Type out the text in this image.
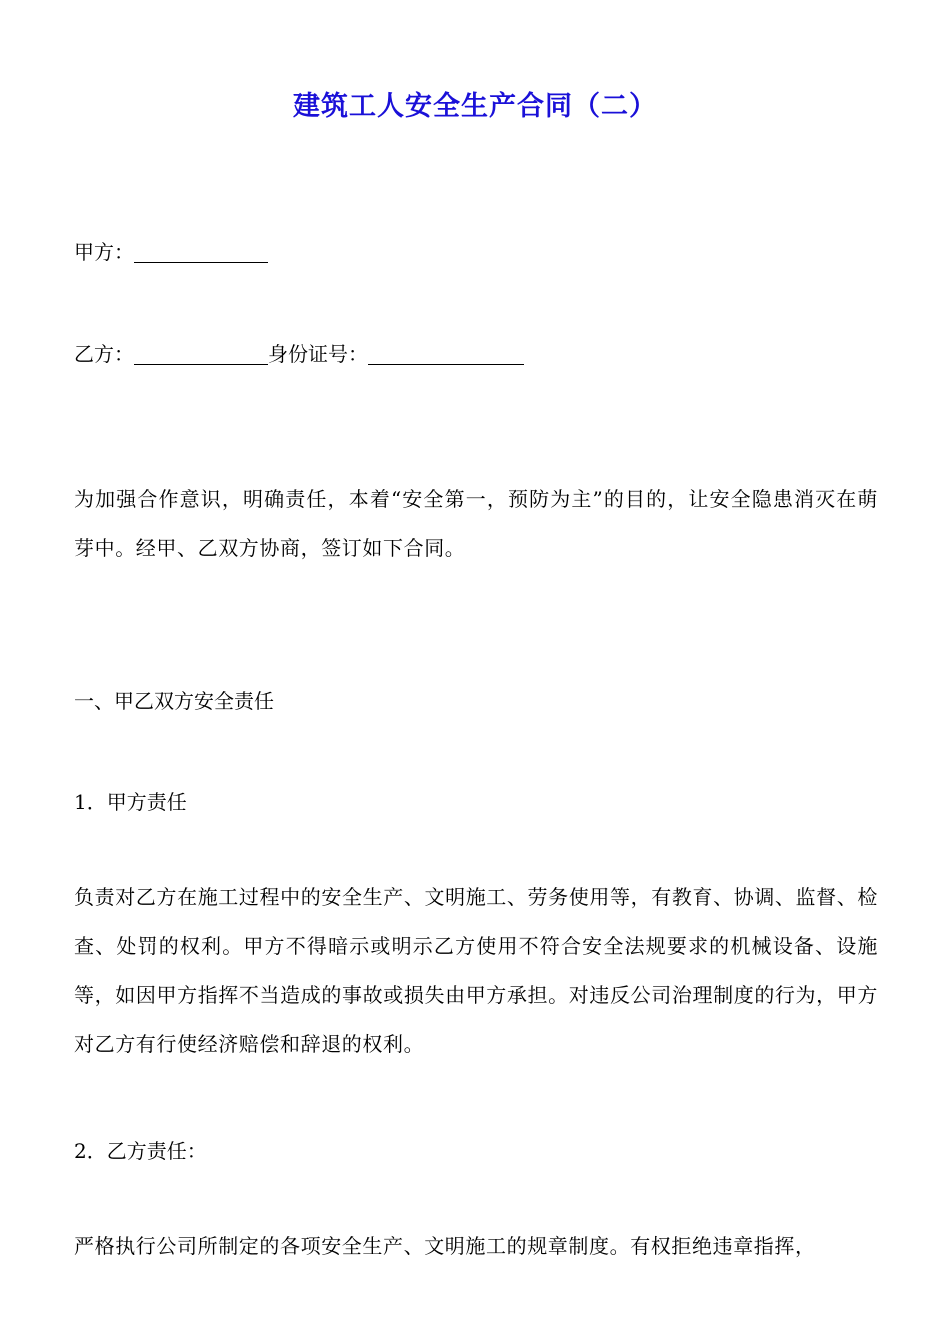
建筑工人安全生产合同（二）

甲方：

乙方：	身份证号：

为加强合作意识，明确责任，本着“安全第一，预防为主”的目的，让安全隐患消灭在萌芽中。经甲、乙双方协商，签订如下合同。

一、甲乙双方安全责任

1．甲方责任

负责对乙方在施工过程中的安全生产、文明施工、劳务使用等，有教育、协调、监督、检查、处罚的权利。甲方不得暗示或明示乙方使用不符合安全法规要求的机械设备、设施等，如因甲方指挥不当造成的事故或损失由甲方承担。对违反公司治理制度的行为，甲方对乙方有行使经济赔偿和辞退的权利。

2．乙方责任：

严格执行公司所制定的各项安全生产、文明施工的规章制度。有权拒绝违章指挥，
